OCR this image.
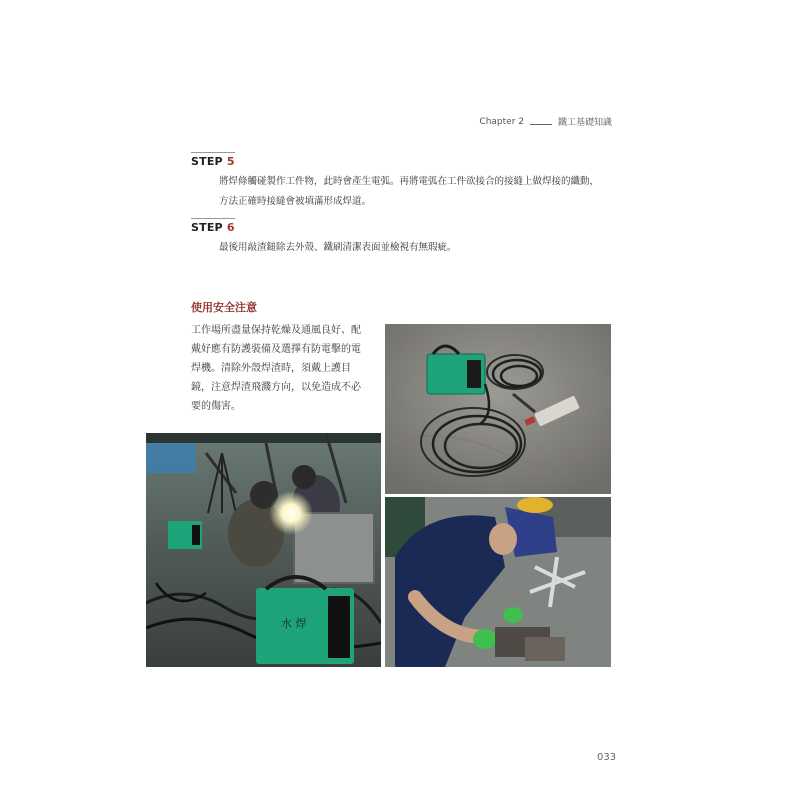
Chapter 2	鐵工基礎知識
STEP 5
將焊條觸碰製作工件物，此時會產生電弧。再將電弧在工件欲接合的接縫上做焊接的纖動，
方法正確時接縫會被填滿形成焊道。
STEP 6
最後用敲渣鎚除去外殼、鐵刷清潔表面並檢視有無瑕疵。
使用安全注意
工作場所盡量保持乾燥及通風良好、配戴好應有防護裝備及選擇有防電擊的電焊機。清除外殼焊渣時，須戴上護目鏡，注意焊渣飛濺方向，以免造成不必要的傷害。
水 焊
033
